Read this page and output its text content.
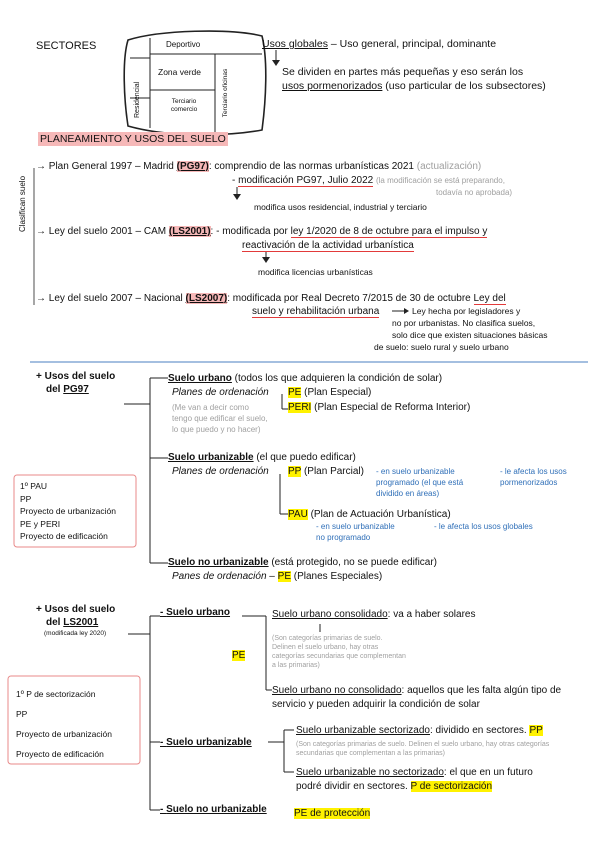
SECTORES	Deportivo
Zona verde
Residencial	Terciario oficinas
Terciario comercio
Usos globales – Uso general, principal, dominante
Se dividen en partes más pequeñas y eso serán los
usos pormenorizados (uso particular de los subsectores)
PLANEAMIENTO Y USOS DEL SUELO
Clasifican suelo
→ Plan General 1997 – Madrid (PG97): comprendio de las normas urbanísticas 2021 (actualización)
- modificación PG97, Julio 2022 (la modificación se está preparando,
todavía no aprobada)
modifica usos residencial, industrial y terciario
→ Ley del suelo 2001 – CAM (LS2001): - modificada por ley 1/2020 de 8 de octubre para el impulso y
reactivación de la actividad urbanística
modifica licencias urbanísticas
→ Ley del suelo 2007 – Nacional (LS2007): modificada por Real Decreto 7/2015 de 30 de octubre Ley del
suelo y rehabilitación urbana	Ley hecha por legisladores y
no por urbanistas. No clasifica suelos,
solo dice que existen situaciones básicas
de suelo: suelo rural y suelo urbano
+ Usos del suelo
del PG97
Suelo urbano (todos los que adquieren la condición de solar)
Planes de ordenación PE (Plan Especial)
PERI (Plan Especial de Reforma Interior)
(Me van a decir como
tengo que edificar el suelo,
lo que puedo y no hacer)
Suelo urbanizable (el que puedo edificar)
Planes de ordenación PP (Plan Parcial) - en suelo urbanizable
programado (el que está
dividido en áreas)
- le afecta los usos
pormenorizados
PAU (Plan de Actuación Urbanística)
- en suelo urbanizable
no programado
- le afecta los usos globales
Suelo no urbanizable (está protegido, no se puede edificar)
Panes de ordenación – PE (Planes Especiales)
1º PAU
PP
Proyecto de urbanización
PE y PERI
Proyecto de edificación
+ Usos del suelo
del LS2001
(modificada ley 2020)
- Suelo urbano
PE
Suelo urbano consolidado: va a haber solares
(Son categorías primarias de suelo.
Delinen el suelo urbano, hay otras
categorías secundarias que complementan
a las primarias)
Suelo urbano no consolidado: aquellos que les falta algún tipo de
servicio y pueden adquirir la condición de solar
- Suelo urbanizable
Suelo urbanizable sectorizado: dividido en sectores. PP
(Son categorías primarias de suelo. Delinen el suelo urbano, hay otras categorías
secundarias que complementan a las primarias)
Suelo urbanizable no sectorizado: el que en un futuro
podré dividir en sectores. P de sectorización
- Suelo no urbanizable	PE de protección
1º P de sectorización
PP
Proyecto de urbanización
Proyecto de edificación
